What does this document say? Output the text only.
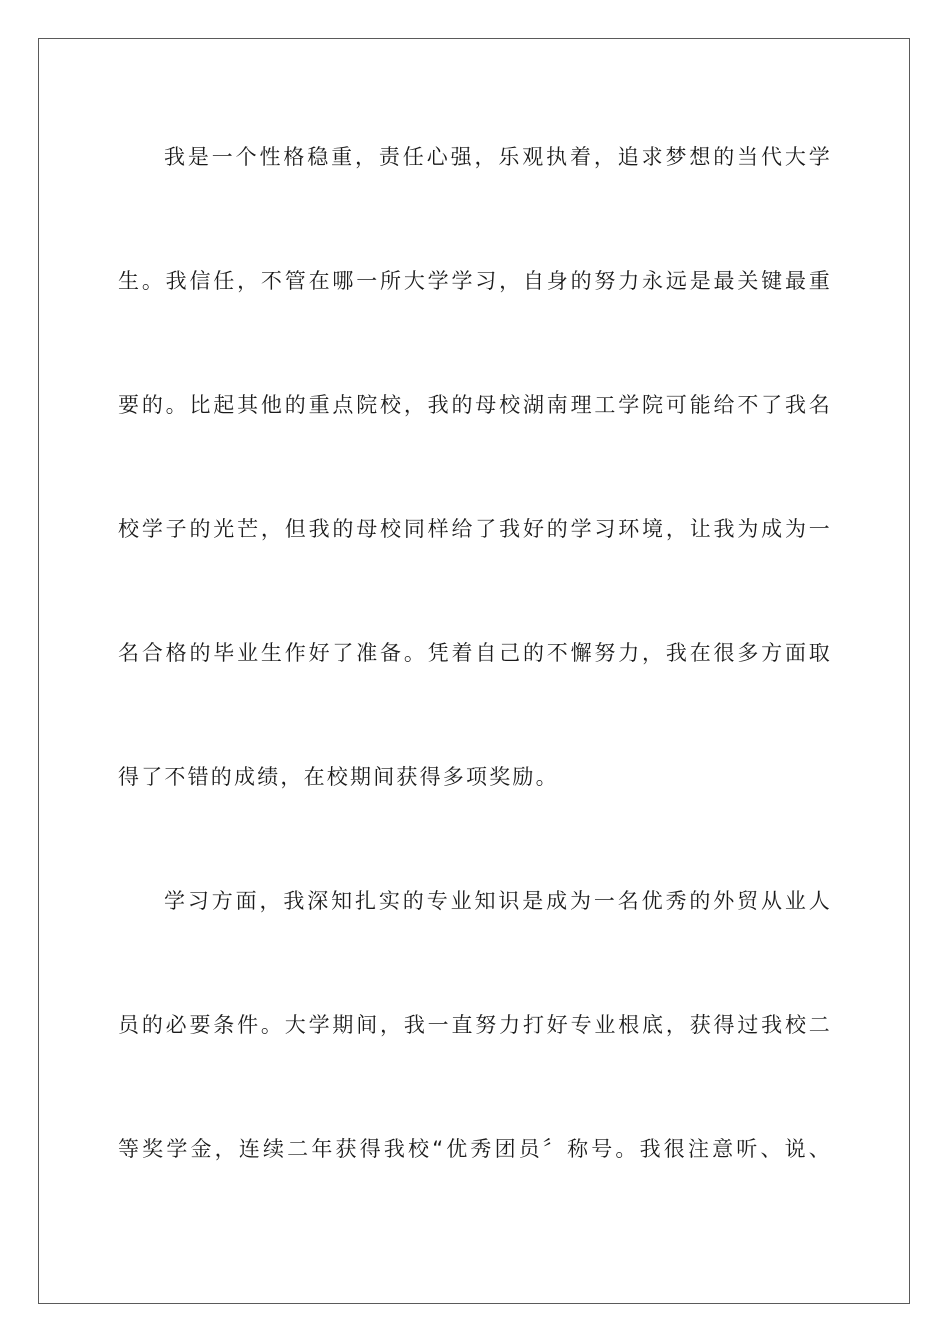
我是一个性格稳重，责任心强，乐观执着，追求梦想的当代大学
生。我信任，不管在哪一所大学学习，自身的努力永远是最关键最重
要的。比起其他的重点院校，我的母校湖南理工学院可能给不了我名
校学子的光芒，但我的母校同样给了我好的学习环境，让我为成为一
名合格的毕业生作好了准备。凭着自己的不懈努力，我在很多方面取
得了不错的成绩，在校期间获得多项奖励。
学习方面，我深知扎实的专业知识是成为一名优秀的外贸从业人
员的必要条件。大学期间，我一直努力打好专业根底，获得过我校二
等奖学金，连续二年获得我校“优秀团员〞称号。我很注意听、说、
